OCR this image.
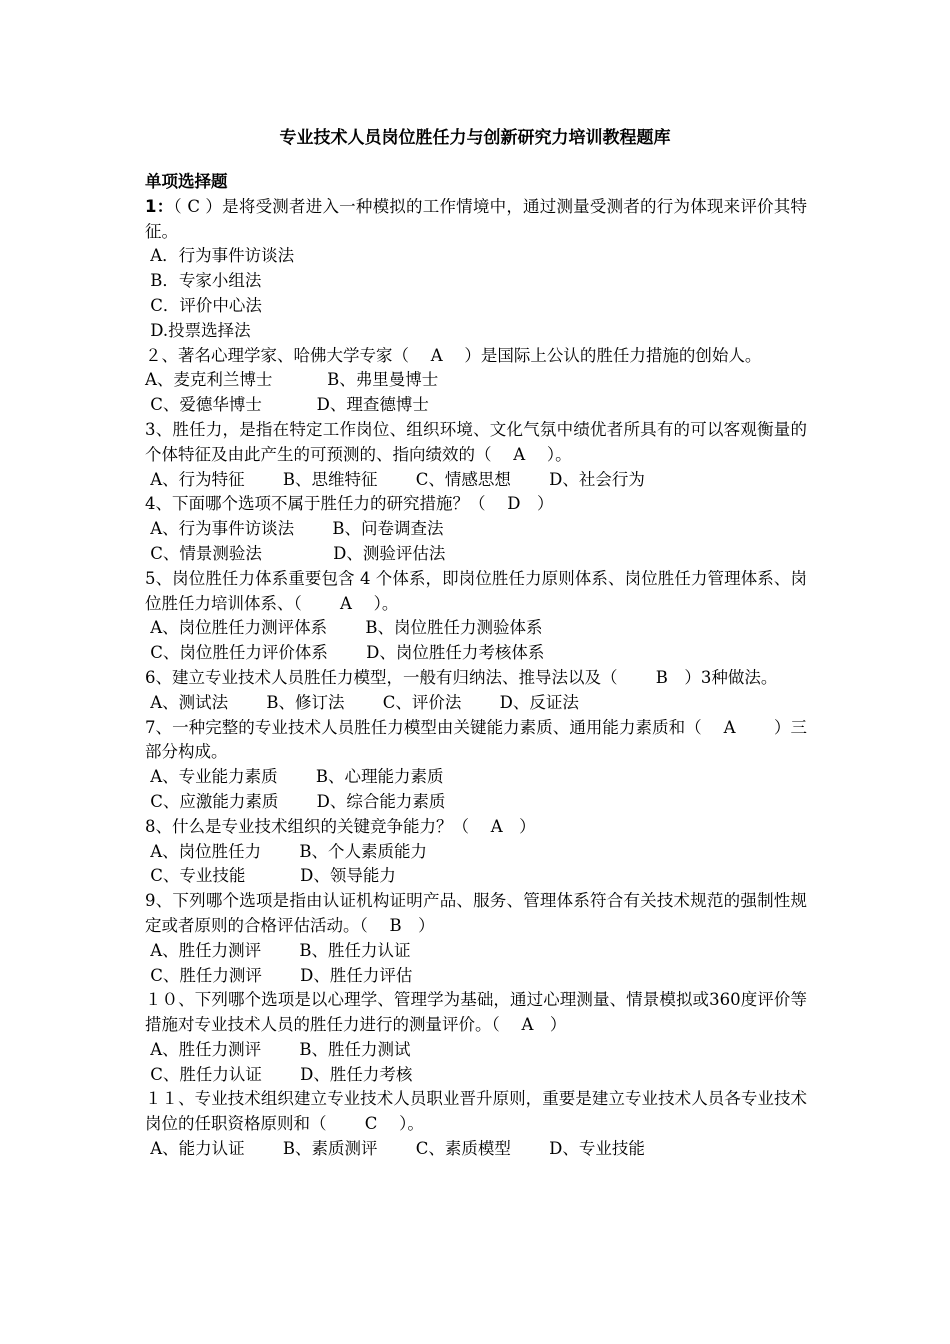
专业技术人员岗位胜任力与创新研究力培训教程题库

单项选择题

1：（ C ）是将受测者进入一种模拟的工作情境中，通过测量受测者的行为体现来评价其特征。

A．行为事件访谈法

B．专家小组法

C．评价中心法

D.投票选择法

２、著名心理学家、哈佛大学专家（　 A　 ）是国际上公认的胜任力措施的创始人。

A、麦克利兰博士　　　 B、弗里曼博士

C、爱德华博士　　　 D、理查德博士

3、胜任力，是指在特定工作岗位、组织环境、文化气氛中绩优者所具有的可以客观衡量的个体特征及由此产生的可预测的、指向绩效的（　 A　 ）。

A、行为特征　　 B、思维特征　　 C、情感思想　　 D、社会行为

4、下面哪个选项不属于胜任力的研究措施？（　 D　）

A、行为事件访谈法　　 B、问卷调查法

C、情景测验法　　　　 D、测验评估法

5、岗位胜任力体系重要包含 4 个体系，即岗位胜任力原则体系、岗位胜任力管理体系、岗位胜任力培训体系、（　　 A　 ）。

A、岗位胜任力测评体系　　 B、岗位胜任力测验体系

C、岗位胜任力评价体系　　 D、岗位胜任力考核体系

6、建立专业技术人员胜任力模型，一般有归纳法、推导法以及（　　 B　）3种做法。

A、测试法　　 B、修订法　　 C、评价法　　 D、反证法

7、一种完整的专业技术人员胜任力模型由关键能力素质、通用能力素质和（　 A　　 ）三部分构成。

A、专业能力素质　　 B、心理能力素质

C、应激能力素质　　 D、综合能力素质

8、什么是专业技术组织的关键竞争能力？（　 A　）

A、岗位胜任力　　 B、个人素质能力

C、专业技能　　　 D、领导能力

9、下列哪个选项是指由认证机构证明产品、服务、管理体系符合有关技术规范的强制性规定或者原则的合格评估活动。（　 B　）

A、胜任力测评　　 B、胜任力认证

C、胜任力测评　　 D、胜任力评估

１０、下列哪个选项是以心理学、管理学为基础，通过心理测量、情景模拟或360度评价等措施对专业技术人员的胜任力进行的测量评价。（　 A　）

A、胜任力测评　　 B、胜任力测试

C、胜任力认证　　 D、胜任力考核

１１、专业技术组织建立专业技术人员职业晋升原则，重要是建立专业技术人员各专业技术岗位的任职资格原则和（　　 C　 ）。

A、能力认证　　 B、素质测评　　 C、素质模型　　 D、专业技能
